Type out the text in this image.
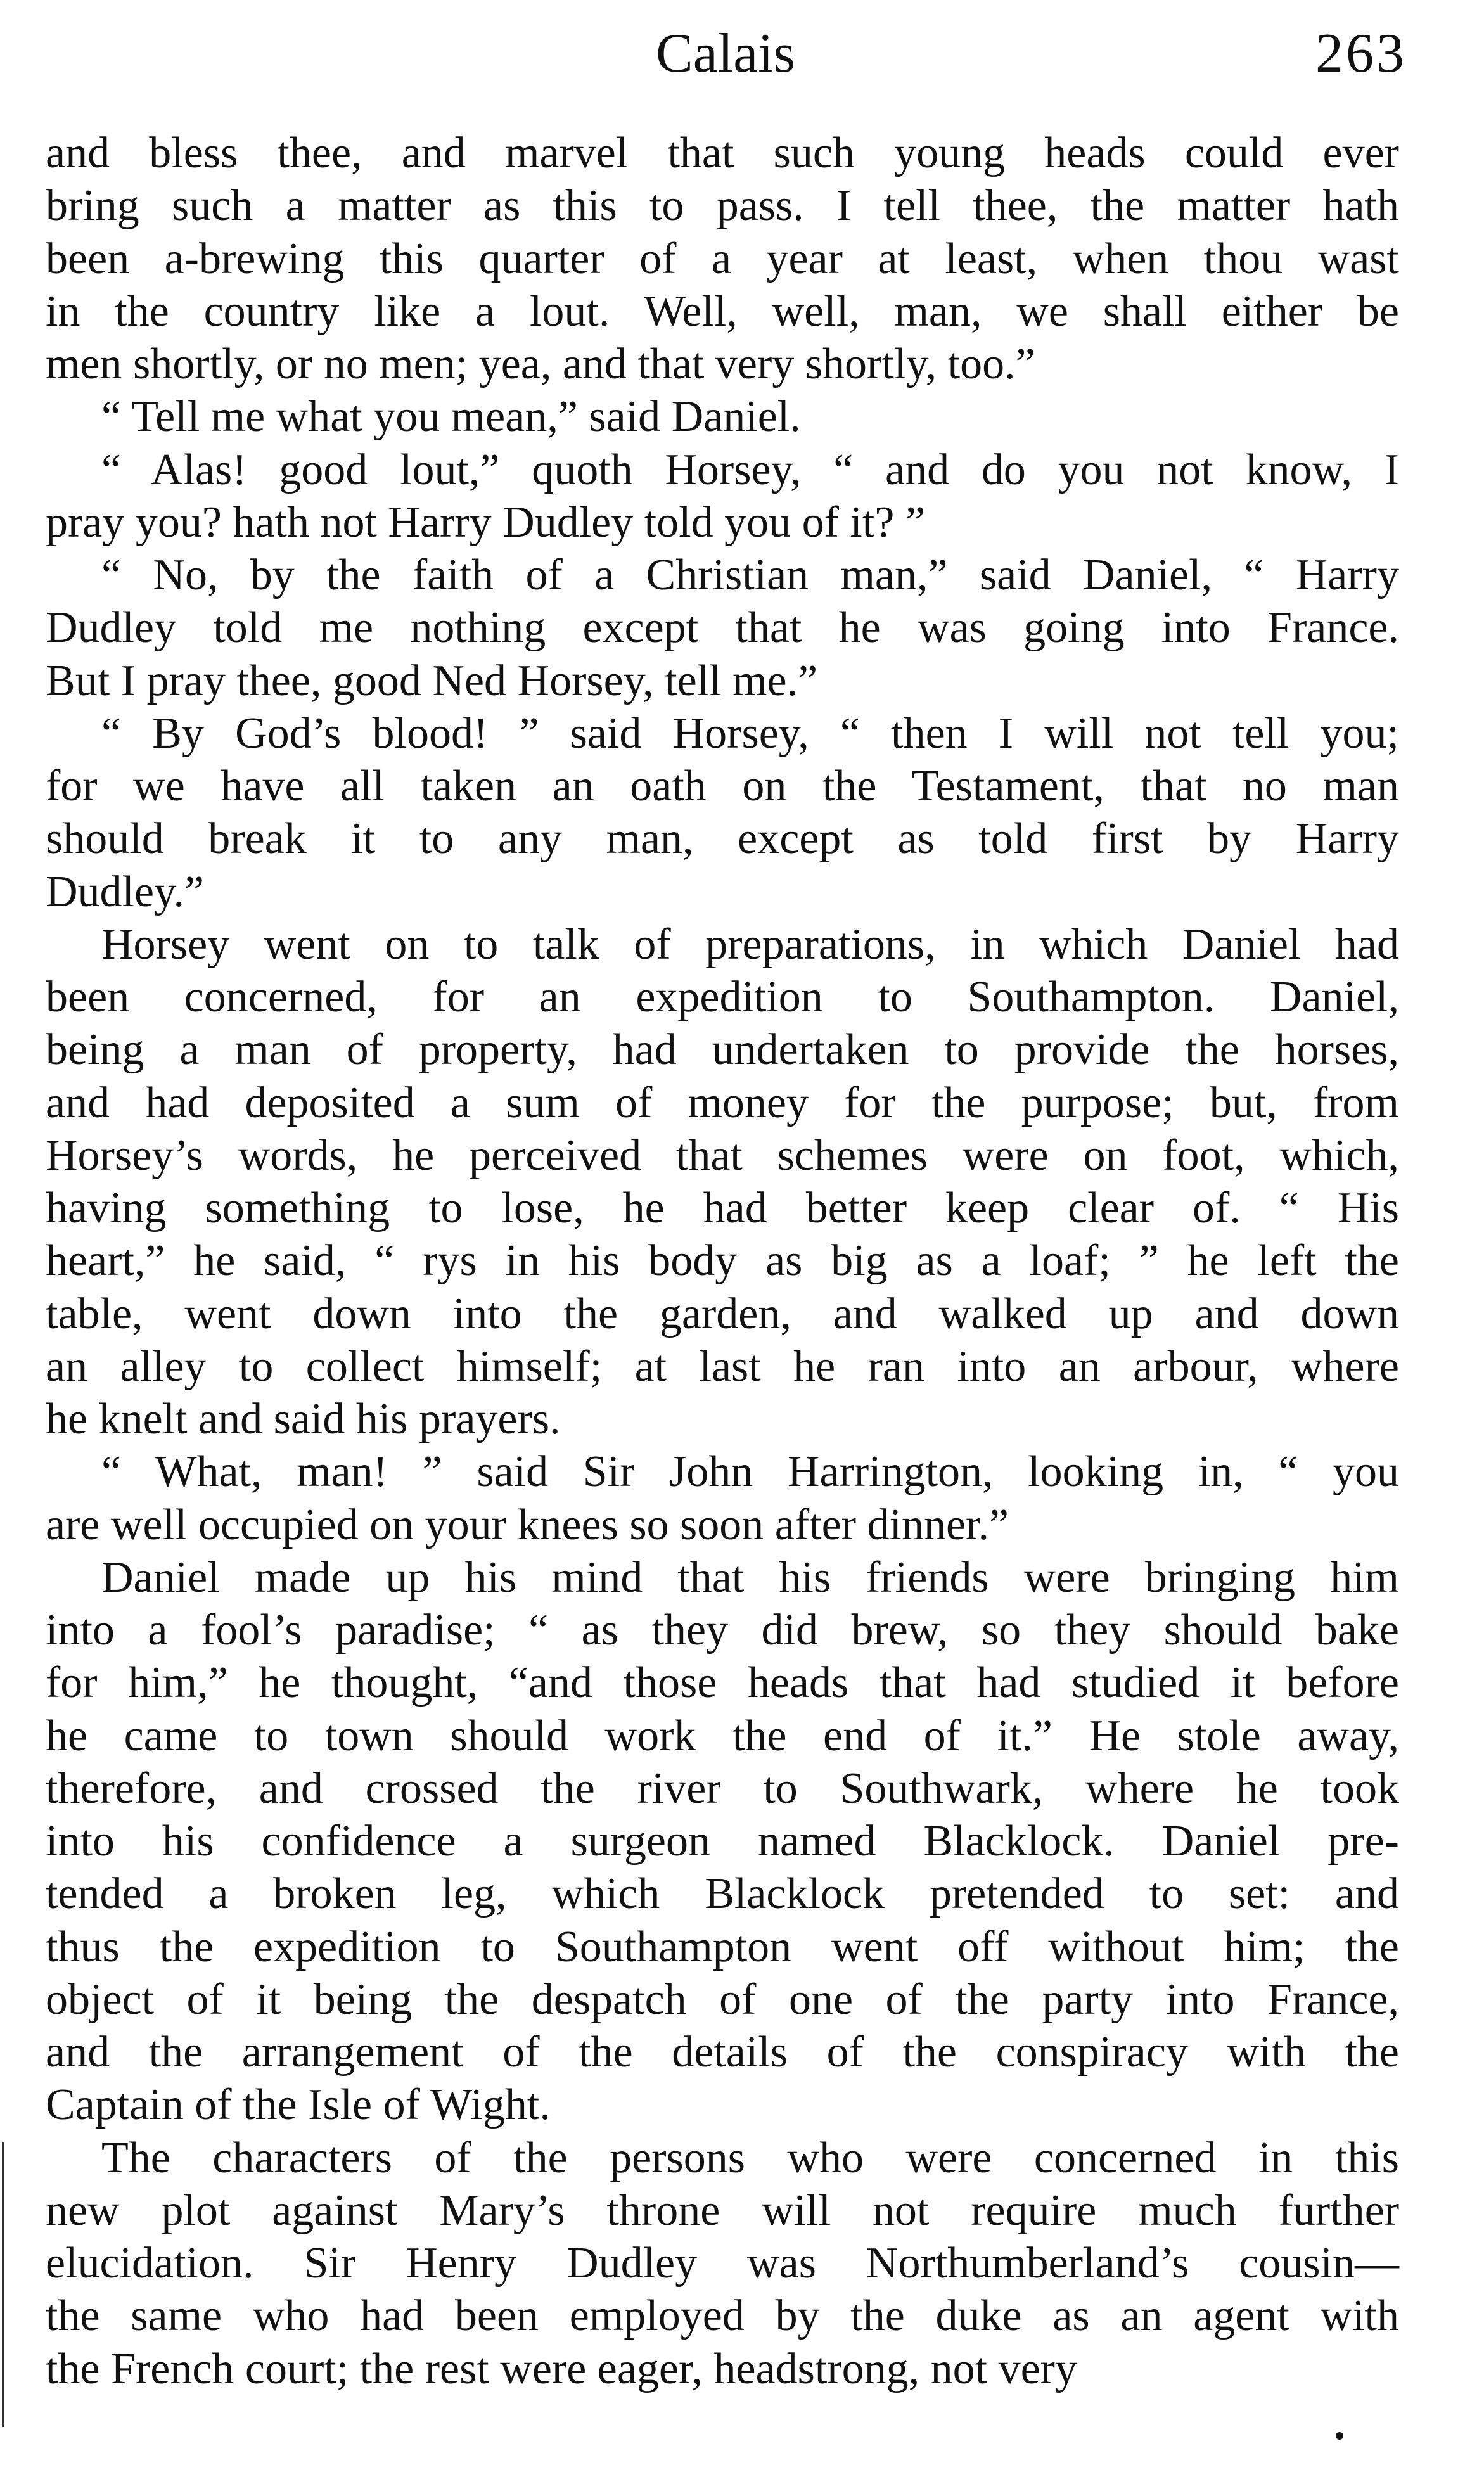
Calais	263
and bless thee, and marvel that such young heads could ever
bring such a matter as this to pass. I tell thee, the matter hath
been a-brewing this quarter of a year at least, when thou wast
in the country like a lout. Well, well, man, we shall either be
men shortly, or no men; yea, and that very shortly, too.”
“ Tell me what you mean,” said Daniel.
“ Alas! good lout,” quoth Horsey, “ and do you not know, I
pray you? hath not Harry Dudley told you of it? ”
“ No, by the faith of a Christian man,” said Daniel, “ Harry
Dudley told me nothing except that he was going into France.
But I pray thee, good Ned Horsey, tell me.”
“ By God’s blood! ” said Horsey, “ then I will not tell you;
for we have all taken an oath on the Testament, that no man
should break it to any man, except as told first by Harry
Dudley.”
Horsey went on to talk of preparations, in which Daniel had
been concerned, for an expedition to Southampton. Daniel,
being a man of property, had undertaken to provide the horses,
and had deposited a sum of money for the purpose; but, from
Horsey’s words, he perceived that schemes were on foot, which,
having something to lose, he had better keep clear of. “ His
heart,” he said, “ rys in his body as big as a loaf; ” he left the
table, went down into the garden, and walked up and down
an alley to collect himself; at last he ran into an arbour, where
he knelt and said his prayers.
“ What, man! ” said Sir John Harrington, looking in, “ you
are well occupied on your knees so soon after dinner.”
Daniel made up his mind that his friends were bringing him
into a fool’s paradise; “ as they did brew, so they should bake
for him,” he thought, “and those heads that had studied it before
he came to town should work the end of it.” He stole away,
therefore, and crossed the river to Southwark, where he took
into his confidence a surgeon named Blacklock. Daniel pre-
tended a broken leg, which Blacklock pretended to set: and
thus the expedition to Southampton went off without him; the
object of it being the despatch of one of the party into France,
and the arrangement of the details of the conspiracy with the
Captain of the Isle of Wight.
The characters of the persons who were concerned in this
new plot against Mary’s throne will not require much further
elucidation. Sir Henry Dudley was Northumberland’s cousin—
the same who had been employed by the duke as an agent with
the French court; the rest were eager, headstrong, not very
